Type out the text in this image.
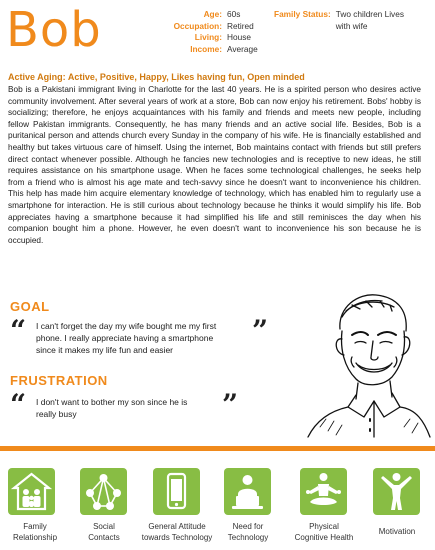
Bob	Age: 60s
Occupation: Retired
Living: House
Income: Average
Family Status: Two children Lives with wife
Active Aging: Active, Positive, Happy, Likes having fun, Open minded
Bob is a Pakistani immigrant living in Charlotte for the last 40 years. He is a spirited person who desires active community involvement. After several years of work at a store, Bob can now enjoy his retirement. Bobs' hobby is socializing; therefore, he enjoys acquaintances with his family and friends and meets new people, including fellow Pakistan immigrants. Consequently, he has many friends and an active social life. Besides, Bob is a puritanical person and attends church every Sunday in the company of his wife. He is financially established and healthy but takes virtuous care of himself. Using the internet, Bob maintains contact with friends but still prefers direct contact whenever possible. Although he fancies new technologies and is receptive to new ideas, he still requires assistance on his smartphone usage. When he faces some technological challenges, he seeks help from a friend who is almost his age mate and tech-savvy since he doesn't want to inconvenience his children. This help has made him acquire elementary knowledge of technology, which has enabled him to regularly use a smartphone for interaction. He is still curious about technology because he thinks it would simplify his life. Bob appreciates having a smartphone because it had simplified his life and still reminisces the day when his companion bought him a phone. However, he even doesn't want to inconvenience his son because he is occupied.
GOAL
“ I can't forget the day my wife bought me my first
phone. I really appreciate having a smartphone
since it makes my life fun and easier
”
FRUSTRATION
“ I don't want to bother my son since he is
really busy	”
Family
Relationship
Social
Contacts
General Attitude
towards Technology
Need for
Technology
Physical
Cognitive Health
Motivation
